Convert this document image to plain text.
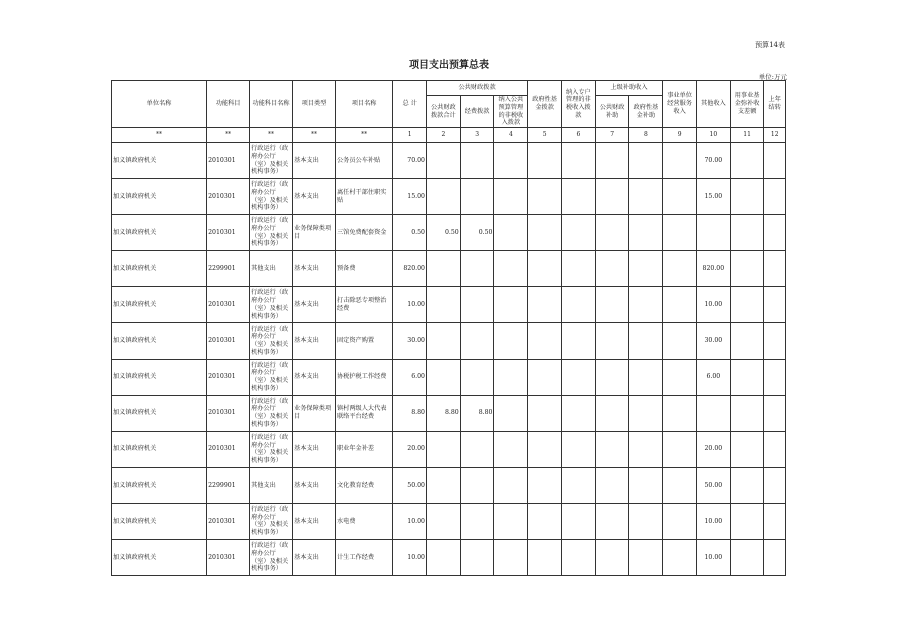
预算14表
项目支出预算总表
单位:万元
单位名称	功能科目	功能科目名称	项目类型	项目名称	总 计	公共财政拨款			政府性基金拨款	纳入专户管理的非税收入拨款	上级补助收入		事业单位经营服务收入	其他收入	用事业基金弥补收支差额	上年结转
						公共财政拨款合计	经费拨款	纳入公共预算管理的非税收入拨款								
											公共财政补助	政府性基金补助				
**	**	**	**	**	1	2	3	4	5	6	7	8	9	10	11	12
加义镇政府机关	2010301	行政运行（政府办公厅（室）及相关机构事务）	基本支出	公务员公车补贴	70.00									70.00		
加义镇政府机关	2010301	行政运行（政府办公厅（室）及相关机构事务）	基本支出	离任村干部住职实贴	15.00									15.00		
加义镇政府机关	2010301	行政运行（政府办公厅（室）及相关机构事务）	业务保障类项目	三馆免费配套资金	0.50	0.50	0.50									
加义镇政府机关	2299901	其他支出	基本支出	预备费	820.00									820.00		
加义镇政府机关	2010301	行政运行（政府办公厅（室）及相关机构事务）	基本支出	打击除恶专项整治经费	10.00									10.00		
加义镇政府机关	2010301	行政运行（政府办公厅（室）及相关机构事务）	基本支出	固定资产购置	30.00									30.00		
加义镇政府机关	2010301	行政运行（政府办公厅（室）及相关机构事务）	基本支出	协税护税工作经费	6.00									6.00		
加义镇政府机关	2010301	行政运行（政府办公厅（室）及相关机构事务）	业务保障类项目	镇村两级人大代表联络平台经费	8.80	8.80	8.80									
加义镇政府机关	2010301	行政运行（政府办公厅（室）及相关机构事务）	基本支出	职业年金补差	20.00									20.00		
加义镇政府机关	2299901	其他支出	基本支出	文化教育经费	50.00									50.00		
加义镇政府机关	2010301	行政运行（政府办公厅（室）及相关机构事务）	基本支出	水电费	10.00									10.00		
加义镇政府机关	2010301	行政运行（政府办公厅（室）及相关机构事务）	基本支出	计生工作经费	10.00									10.00		
